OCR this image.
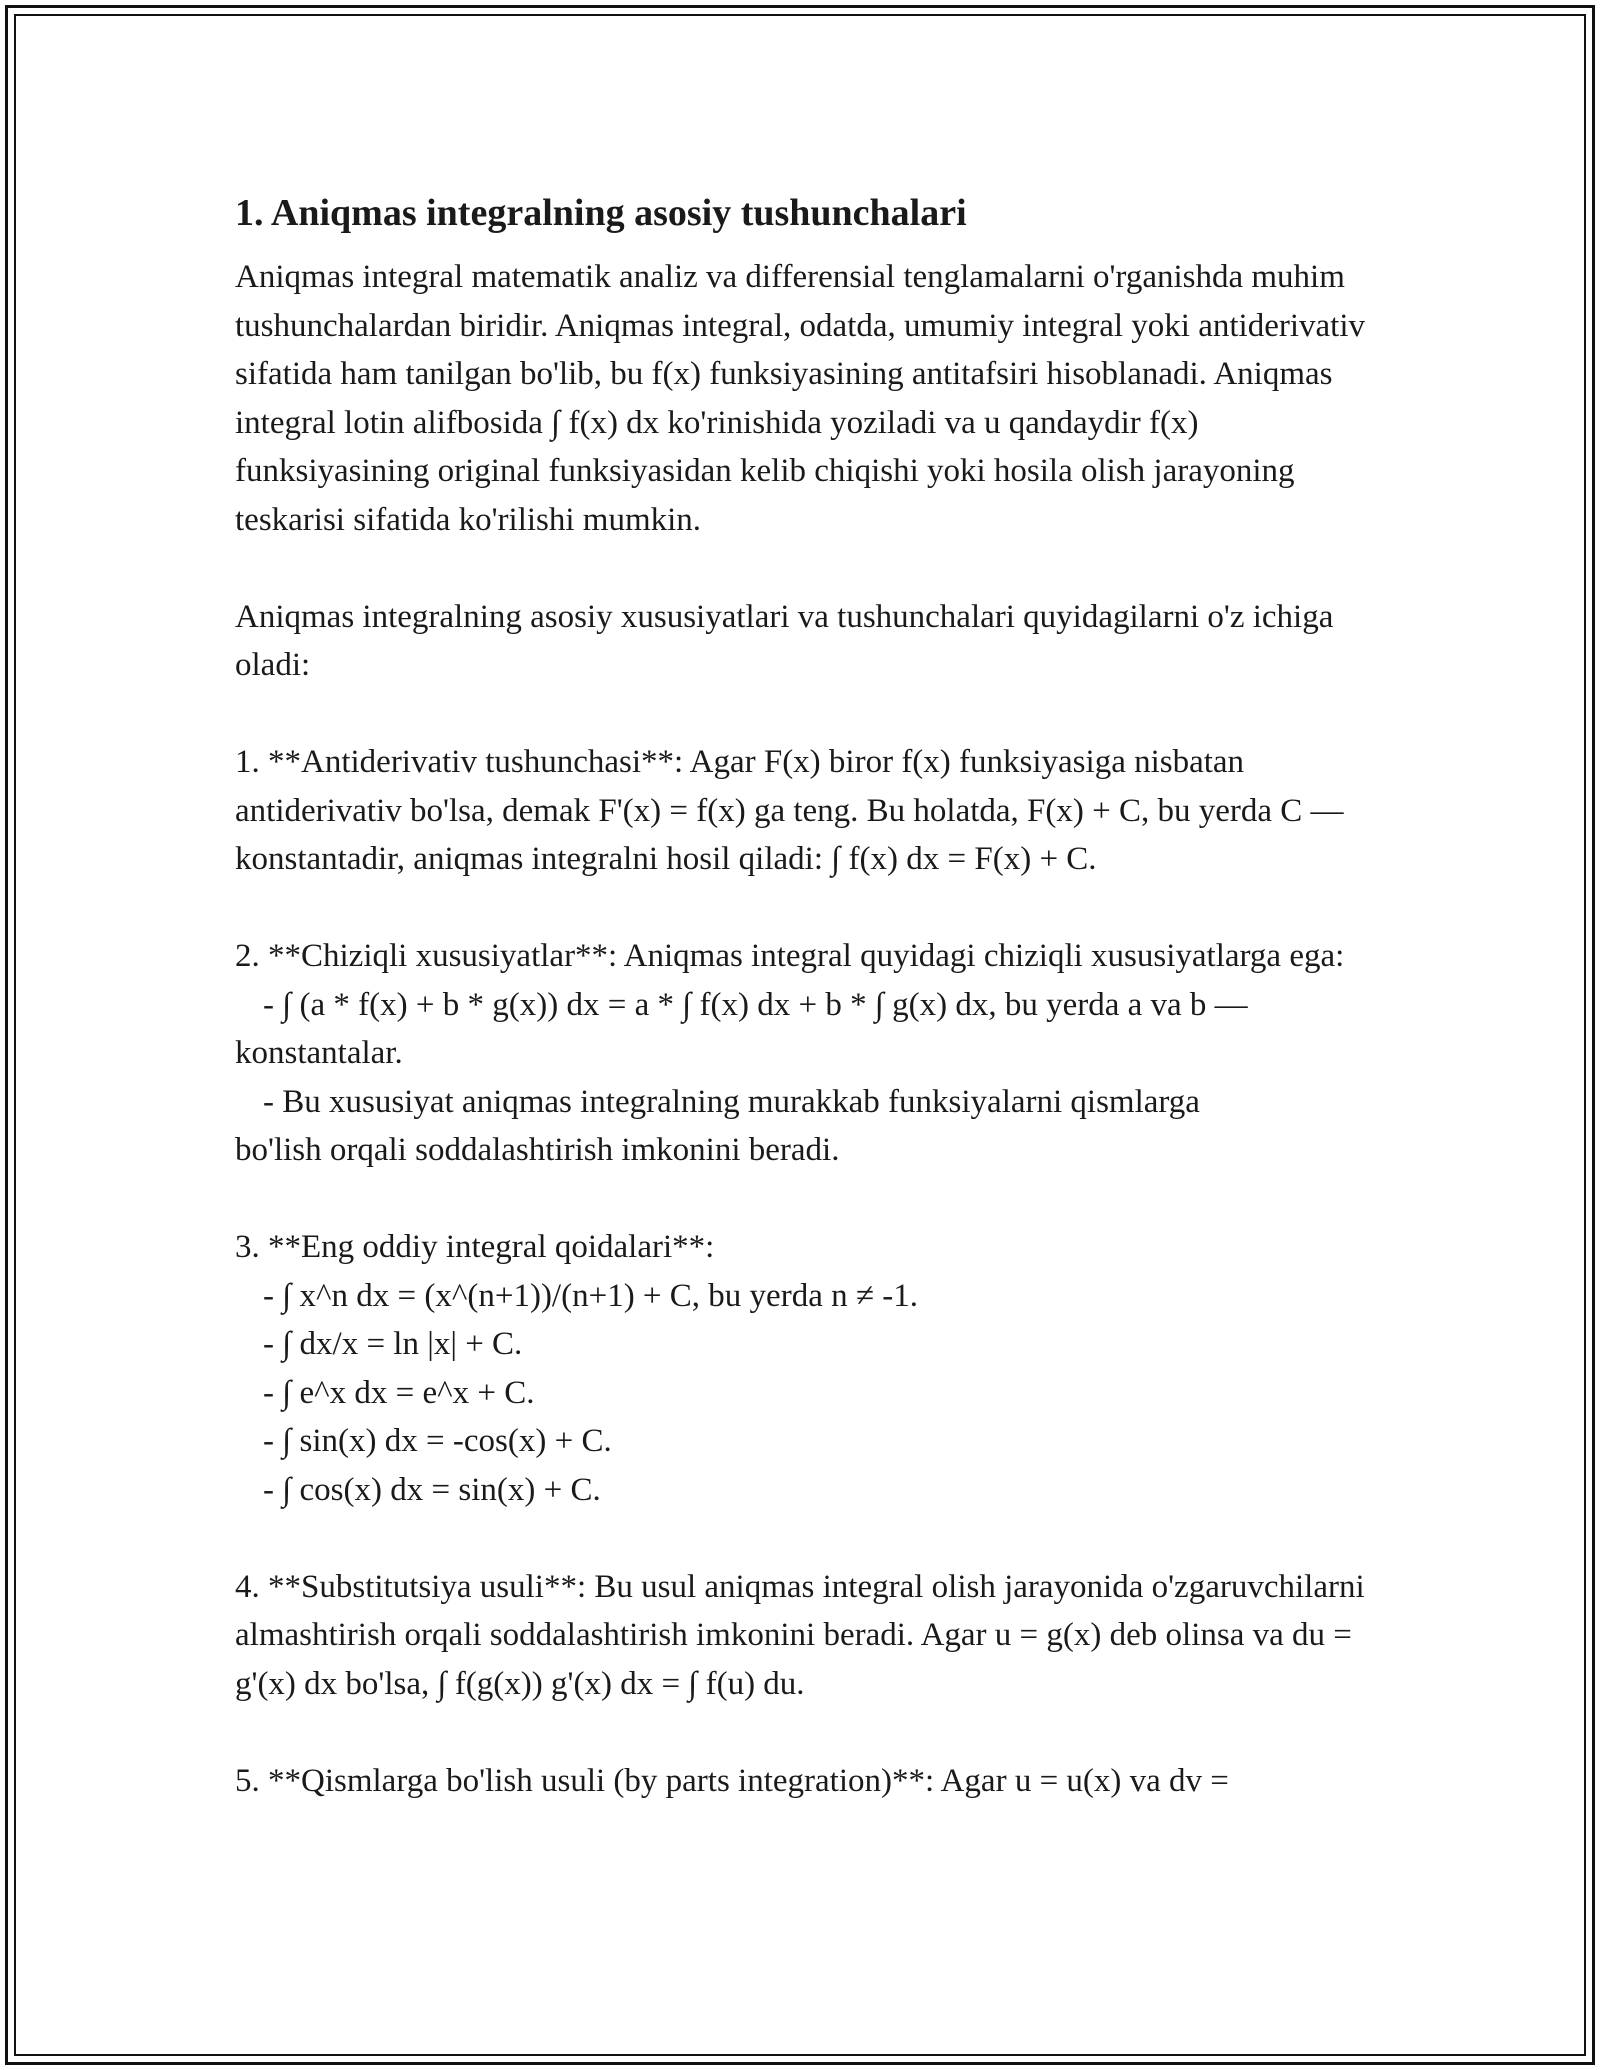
1. Aniqmas integralning asosiy tushunchalari

Aniqmas integral matematik analiz va differensial tenglamalarni o'rganishda muhim tushunchalardan biridir. Aniqmas integral, odatda, umumiy integral yoki antiderivativ sifatida ham tanilgan bo'lib, bu f(x) funksiyasining antitafsiri hisoblanadi. Aniqmas integral lotin alifbosida ∫ f(x) dx ko'rinishida yoziladi va u qandaydir f(x) funksiyasining original funksiyasidan kelib chiqishi yoki hosila olish jarayoning teskarisi sifatida ko'rilishi mumkin.

Aniqmas integralning asosiy xususiyatlari va tushunchalari quyidagilarni o'z ichiga oladi:

1. **Antiderivativ tushunchasi**: Agar F(x) biror f(x) funksiyasiga nisbatan antiderivativ bo'lsa, demak F'(x) = f(x) ga teng. Bu holatda, F(x) + C, bu yerda C — konstantadir, aniqmas integralni hosil qiladi: ∫ f(x) dx = F(x) + C.

2. **Chiziqli xususiyatlar**: Aniqmas integral quyidagi chiziqli xususiyatlarga ega:
- ∫ (a * f(x) + b * g(x)) dx = a * ∫ f(x) dx + b * ∫ g(x) dx, bu yerda a va b —
konstantalar.
- Bu xususiyat aniqmas integralning murakkab funksiyalarni qismlarga
bo'lish orqali soddalashtirish imkonini beradi.
3. **Eng oddiy integral qoidalari**:
- ∫ x^n dx = (x^(n+1))/(n+1) + C, bu yerda n ≠ -1.
- ∫ dx/x = ln |x| + C.
- ∫ e^x dx = e^x + C.
- ∫ sin(x) dx = -cos(x) + C.
- ∫ cos(x) dx = sin(x) + C.

4. **Substitutsiya usuli**: Bu usul aniqmas integral olish jarayonida o'zgaruvchilarni almashtirish orqali soddalashtirish imkonini beradi. Agar u = g(x) deb olinsa va du = g'(x) dx bo'lsa, ∫ f(g(x)) g'(x) dx = ∫ f(u) du.

5. **Qismlarga bo'lish usuli (by parts integration)**: Agar u = u(x) va dv =
